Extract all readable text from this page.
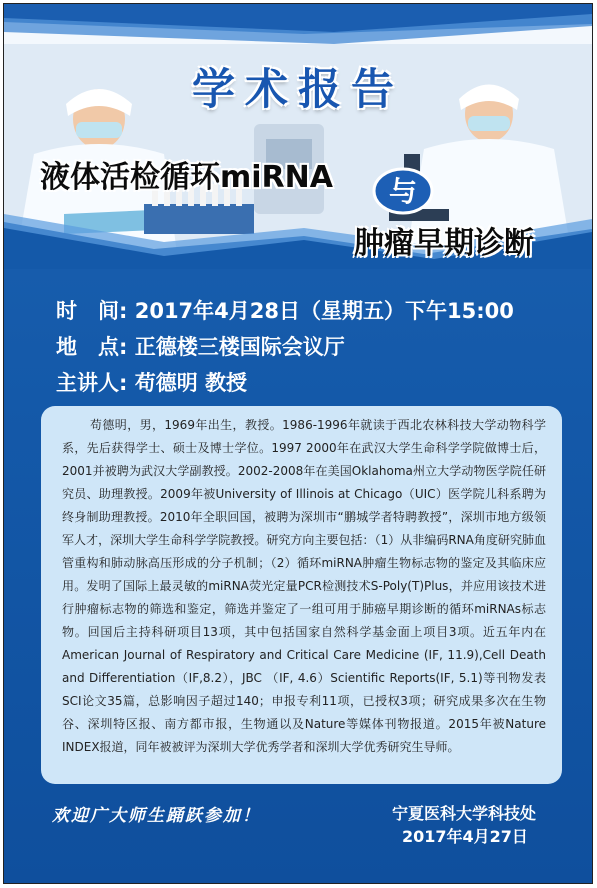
学术报告
液体活检循环miRNA 与
肿瘤早期诊断
时　间: 2017年4月28日（星期五）下午15:00
地　点: 正德楼三楼国际会议厅
主讲人: 苟德明 教授

苟德明，男，1969年出生，教授。1986-1996年就读于西北农林科技大学动物科学系，先后获得学士、硕士及博士学位。1997 2000年在武汉大学生命科学学院做博士后，2001并被聘为武汉大学副教授。2002-2008年在美国Oklahoma州立大学动物医学院任研究员、助理教授。2009年被University of Illinois at Chicago（UIC）医学院儿科系聘为终身制助理教授。2010年全职回国，被聘为深圳市“鹏城学者特聘教授”，深圳市地方级领军人才，深圳大学生命科学学院教授。研究方向主要包括：（1）从非编码RNA角度研究肺血管重构和肺动脉高压形成的分子机制；（2）循环miRNA肿瘤生物标志物的鉴定及其临床应用。发明了国际上最灵敏的miRNA荧光定量PCR检测技术S-Poly(T)Plus，并应用该技术进行肿瘤标志物的筛选和鉴定，筛选并鉴定了一组可用于肺癌早期诊断的循环miRNAs标志物。回国后主持科研项目13项，其中包括国家自然科学基金面上项目3项。近五年内在American Journal of Respiratory and Critical Care Medicine (IF, 11.9),Cell Death and Differentiation（IF,8.2），JBC （IF, 4.6）Scientific Reports(IF, 5.1)等刊物发表SCI论文35篇，总影响因子超过140；申报专利11项，已授权3项；研究成果多次在生物谷、深圳特区报、南方都市报，生物通以及Nature等媒体刊物报道。2015年被Nature INDEX报道，同年被被评为深圳大学优秀学者和深圳大学优秀研究生导师。

欢迎广大师生踊跃参加！	宁夏医科大学科技处
2017年4月27日
